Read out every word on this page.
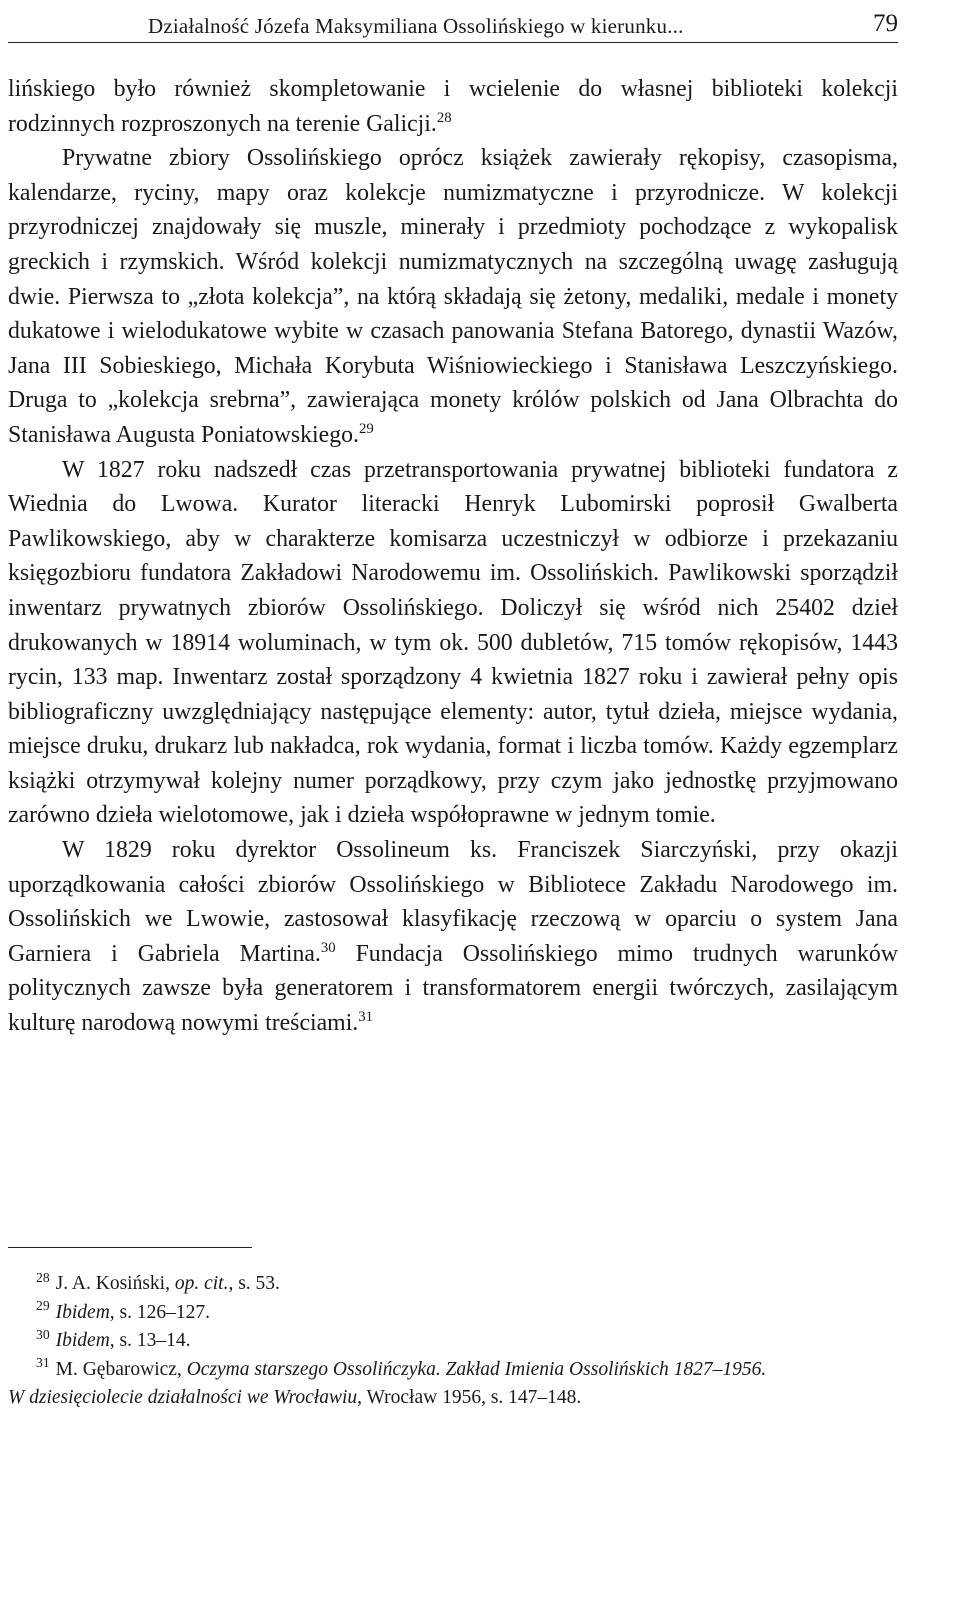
Działalność Józefa Maksymiliana Ossolińskiego w kierunku...	79

lińskiego było również skompletowanie i wcielenie do własnej biblioteki kolekcji rodzinnych rozproszonych na terenie Galicji.$^{28}$

Prywatne zbiory Ossolińskiego oprócz książek zawierały rękopisy, czasopisma, kalendarze, ryciny, mapy oraz kolekcje numizmatyczne i przyrodnicze. W kolekcji przyrodniczej znajdowały się muszle, minerały i przedmioty pochodzące z wykopalisk greckich i rzymskich. Wśród kolekcji numizmatycznych na szczególną uwagę zasługują dwie. Pierwsza to „złota kolekcja”, na którą składają się żetony, medaliki, medale i monety dukatowe i wielodukatowe wybite w czasach panowania Stefana Batorego, dynastii Wazów, Jana III Sobieskiego, Michała Korybuta Wiśniowieckiego i Stanisława Leszczyńskiego. Druga to „kolekcja srebrna”, zawierająca monety królów polskich od Jana Olbrachta do Stanisława Augusta Poniatowskiego.$^{29}$

W 1827 roku nadszedł czas przetransportowania prywatnej biblioteki fundatora z Wiednia do Lwowa. Kurator literacki Henryk Lubomirski poprosił Gwalberta Pawlikowskiego, aby w charakterze komisarza uczestniczył w odbiorze i przekazaniu księgozbioru fundatora Zakładowi Narodowemu im. Ossolińskich. Pawlikowski sporządził inwentarz prywatnych zbiorów Ossolińskiego. Doliczył się wśród nich 25402 dzieł drukowanych w 18914 woluminach, w tym ok. 500 dubletów, 715 tomów rękopisów, 1443 rycin, 133 map. Inwentarz został sporządzony 4 kwietnia 1827 roku i zawierał pełny opis bibliograficzny uwzględniający następujące elementy: autor, tytuł dzieła, miejsce wydania, miejsce druku, drukarz lub nakładca, rok wydania, format i liczba tomów. Każdy egzemplarz książki otrzymywał kolejny numer porządkowy, przy czym jako jednostkę przyjmowano zarówno dzieła wielotomowe, jak i dzieła współoprawne w jednym tomie.

W 1829 roku dyrektor Ossolineum ks. Franciszek Siarczyński, przy okazji uporządkowania całości zbiorów Ossolińskiego w Bibliotece Zakładu Narodowego im. Ossolińskich we Lwowie, zastosował klasyfikację rzeczową w oparciu o system Jana Garniera i Gabriela Martina.$^{30}$ Fundacja Ossolińskiego mimo trudnych warunków politycznych zawsze była generatorem i transformatorem energii twórczych, zasilającym kulturę narodową nowymi treściami.$^{31}$

$^{28}$ J. A. Kosiński, op. cit., s. 53.

$^{29}$ Ibidem, s. 126–127.

$^{30}$ Ibidem, s. 13–14.

$^{31}$ M. Gębarowicz, Oczyma starszego Ossolińczyka. Zakład Imienia Ossolińskich 1827–1956.
W dziesięciolecie działalności we Wrocławiu, Wrocław 1956, s. 147–148.
